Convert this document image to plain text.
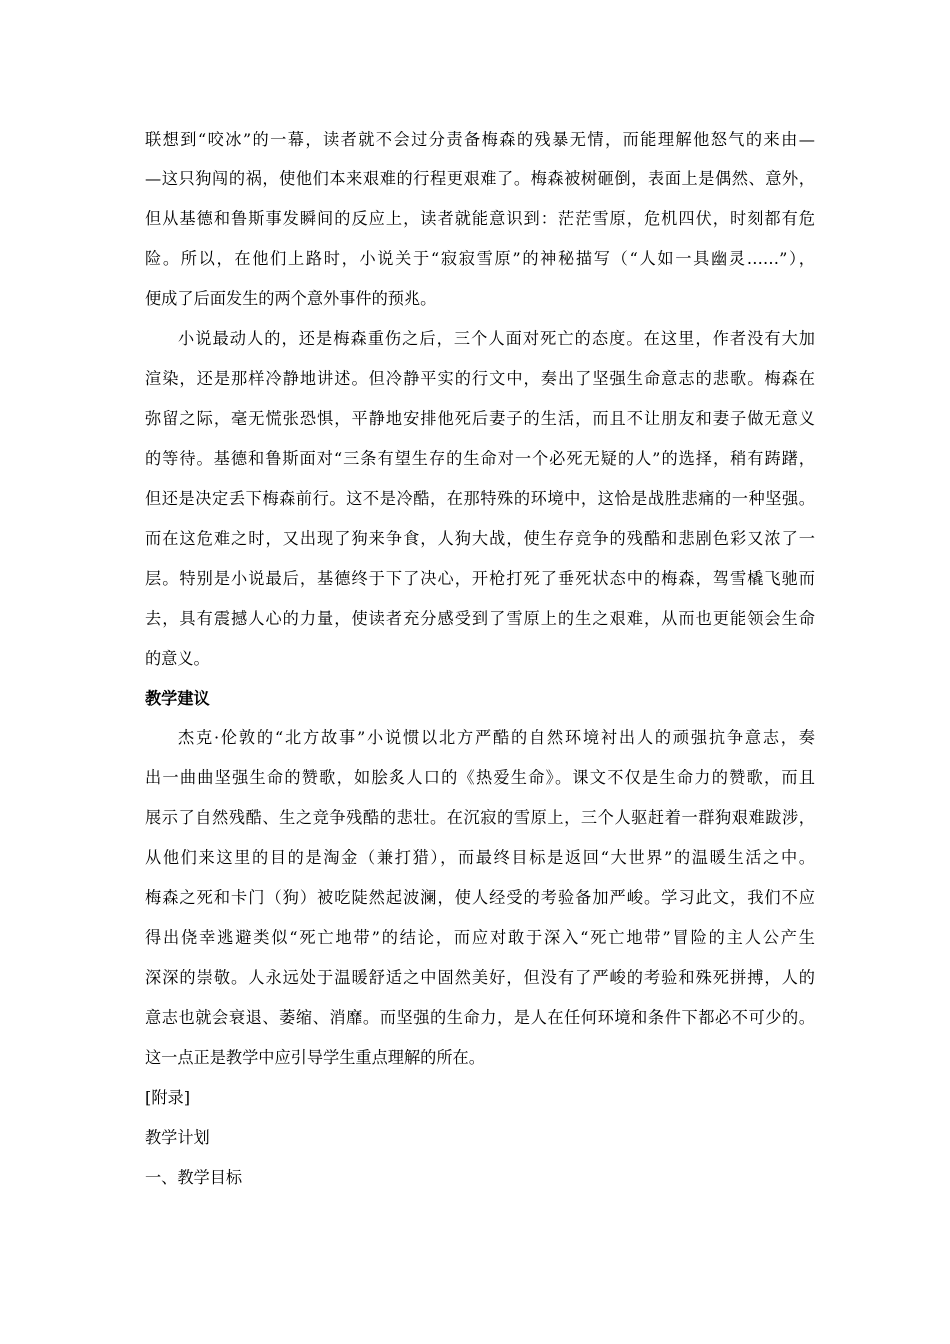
联想到“咬冰”的一幕，读者就不会过分责备梅森的残暴无情，而能理解他怒气的来由—
—这只狗闯的祸，使他们本来艰难的行程更艰难了。梅森被树砸倒，表面上是偶然、意外，
但从基德和鲁斯事发瞬间的反应上，读者就能意识到：茫茫雪原，危机四伏，时刻都有危
险。所以，在他们上路时，小说关于“寂寂雪原”的神秘描写（“人如一具幽灵……”），
便成了后面发生的两个意外事件的预兆。
小说最动人的，还是梅森重伤之后，三个人面对死亡的态度。在这里，作者没有大加
渲染，还是那样冷静地讲述。但冷静平实的行文中，奏出了坚强生命意志的悲歌。梅森在
弥留之际，毫无慌张恐惧，平静地安排他死后妻子的生活，而且不让朋友和妻子做无意义
的等待。基德和鲁斯面对“三条有望生存的生命对一个必死无疑的人”的选择，稍有踌躇，
但还是决定丢下梅森前行。这不是冷酷，在那特殊的环境中，这恰是战胜悲痛的一种坚强。
而在这危难之时，又出现了狗来争食，人狗大战，使生存竞争的残酷和悲剧色彩又浓了一
层。特别是小说最后，基德终于下了决心，开枪打死了垂死状态中的梅森，驾雪橇飞驰而
去，具有震撼人心的力量，使读者充分感受到了雪原上的生之艰难，从而也更能领会生命
的意义。
教学建议
杰克·伦敦的“北方故事”小说惯以北方严酷的自然环境衬出人的顽强抗争意志，奏
出一曲曲坚强生命的赞歌，如脍炙人口的《热爱生命》。课文不仅是生命力的赞歌，而且
展示了自然残酷、生之竞争残酷的悲壮。在沉寂的雪原上，三个人驱赶着一群狗艰难跋涉，
从他们来这里的目的是淘金（兼打猎），而最终目标是返回“大世界”的温暖生活之中。
梅森之死和卡门（狗）被吃陡然起波澜，使人经受的考验备加严峻。学习此文，我们不应
得出侥幸逃避类似“死亡地带”的结论，而应对敢于深入“死亡地带”冒险的主人公产生
深深的崇敬。人永远处于温暖舒适之中固然美好，但没有了严峻的考验和殊死拼搏，人的
意志也就会衰退、萎缩、消靡。而坚强的生命力，是人在任何环境和条件下都必不可少的。
这一点正是教学中应引导学生重点理解的所在。
[附录]
教学计划
一、教学目标
